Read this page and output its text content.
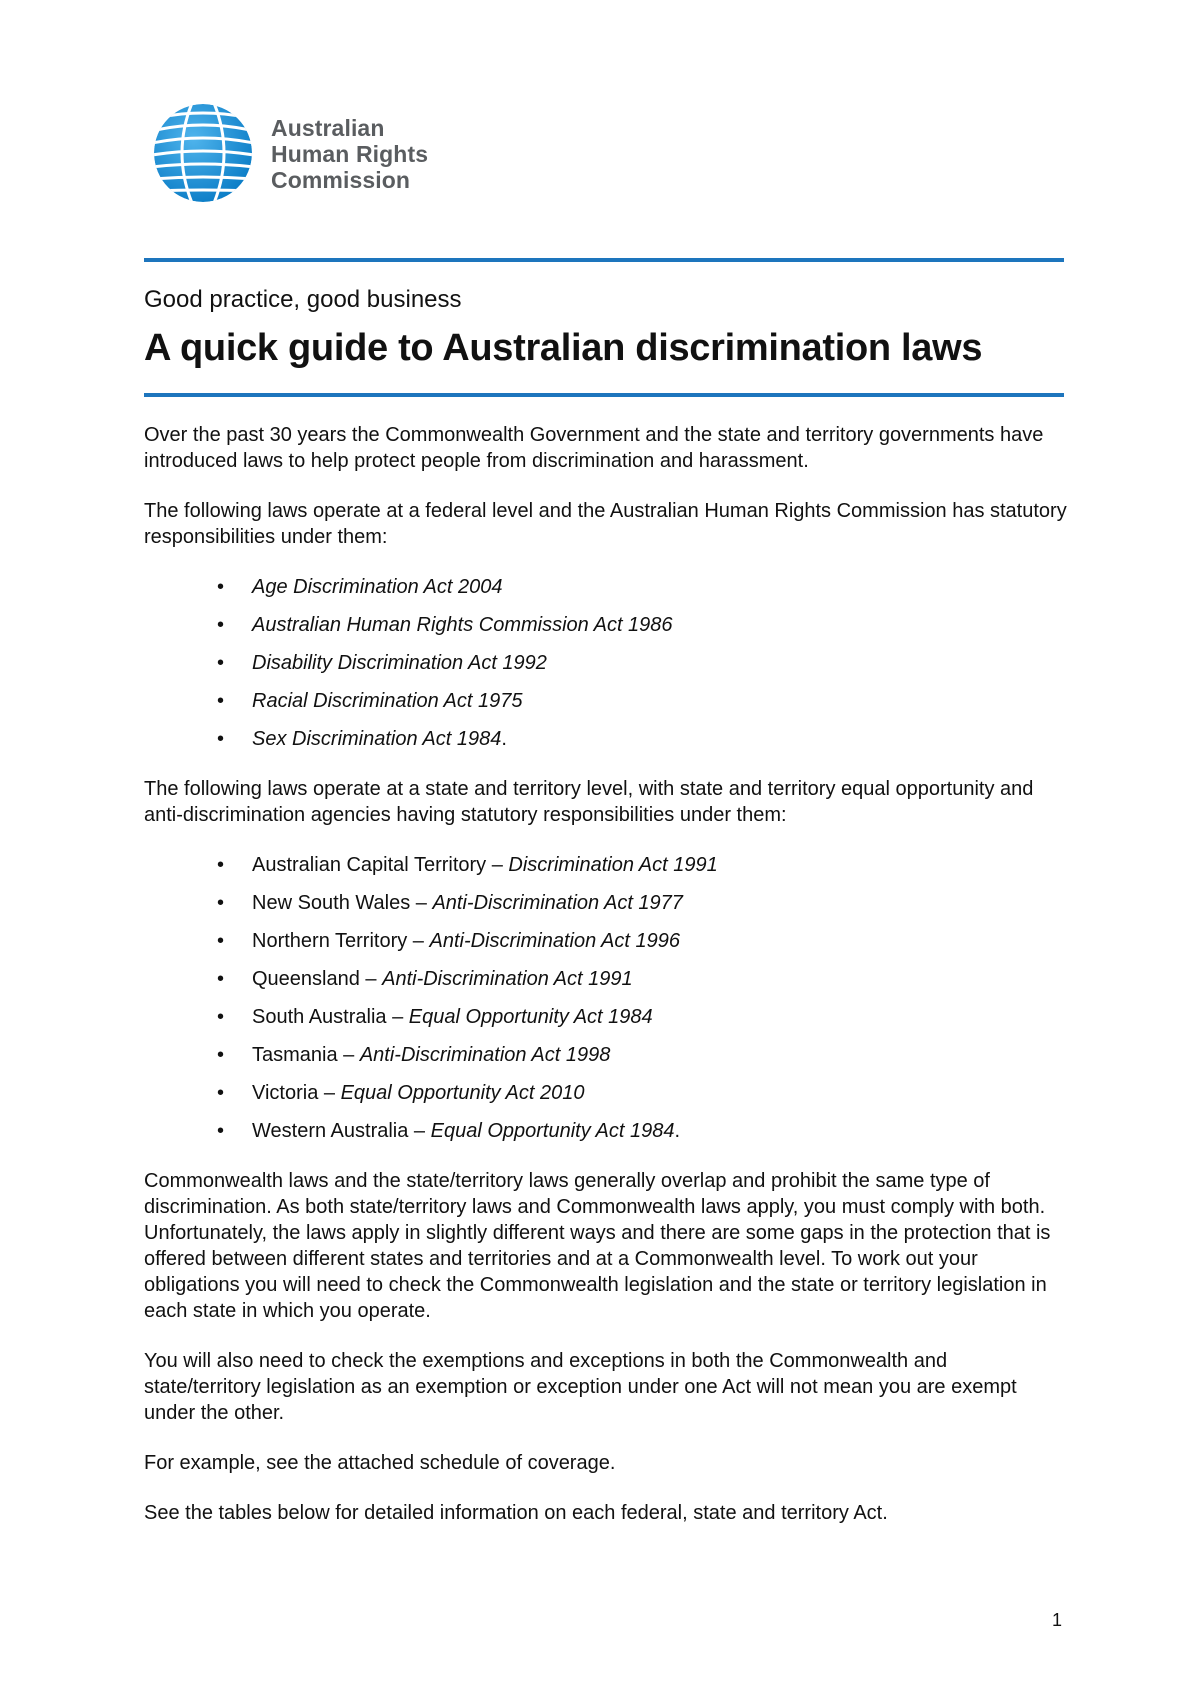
Australian
Human Rights
Commission
Good practice, good business
A quick guide to Australian discrimination laws

Over the past 30 years the Commonwealth Government and the state and territory governments have introduced laws to help protect people from discrimination and harassment.

The following laws operate at a federal level and the Australian Human Rights Commission has statutory responsibilities under them:

• Age Discrimination Act 2004
• Australian Human Rights Commission Act 1986
• Disability Discrimination Act 1992
• Racial Discrimination Act 1975
• Sex Discrimination Act 1984.

The following laws operate at a state and territory level, with state and territory equal opportunity and anti-discrimination agencies having statutory responsibilities under them:

• Australian Capital Territory – Discrimination Act 1991
• New South Wales – Anti-Discrimination Act 1977
• Northern Territory – Anti-Discrimination Act 1996
• Queensland – Anti-Discrimination Act 1991
• South Australia – Equal Opportunity Act 1984
• Tasmania – Anti-Discrimination Act 1998
• Victoria – Equal Opportunity Act 2010
• Western Australia – Equal Opportunity Act 1984.

Commonwealth laws and the state/territory laws generally overlap and prohibit the same type of discrimination. As both state/territory laws and Commonwealth laws apply, you must comply with both. Unfortunately, the laws apply in slightly different ways and there are some gaps in the protection that is offered between different states and territories and at a Commonwealth level. To work out your obligations you will need to check the Commonwealth legislation and the state or territory legislation in each state in which you operate.

You will also need to check the exemptions and exceptions in both the Commonwealth and state/territory legislation as an exemption or exception under one Act will not mean you are exempt under the other.

For example, see the attached schedule of coverage.

See the tables below for detailed information on each federal, state and territory Act.

1
